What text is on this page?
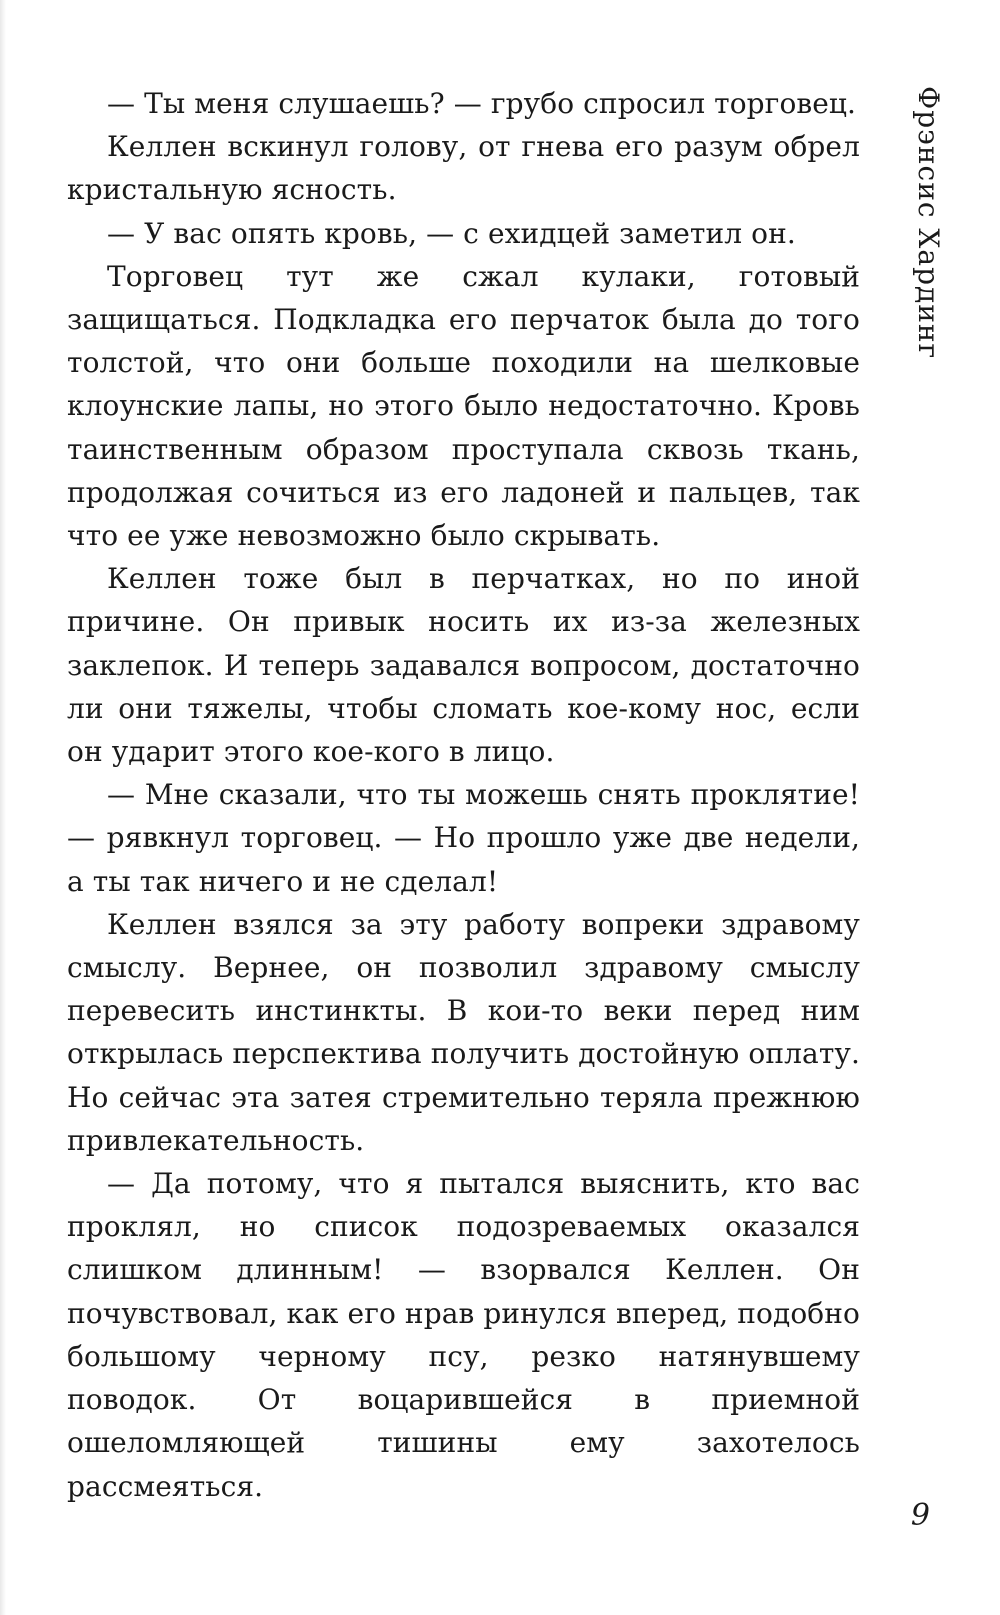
— Ты меня слушаешь? — грубо спросил торговец.

Келлен вскинул голову, от гнева его разум обрел кристальную ясность.

— У вас опять кровь, — с ехидцей заметил он.

Торговец тут же сжал кулаки, готовый защищаться. Подкладка его перчаток была до того толстой, что они больше походили на шелковые клоунские лапы, но этого было недостаточно. Кровь таинственным образом проступала сквозь ткань, продолжая сочиться из его ладоней и пальцев, так что ее уже невозможно было скрывать.

Келлен тоже был в перчатках, но по иной причине. Он привык носить их из-за железных заклепок. И теперь задавался вопросом, достаточно ли они тяжелы, чтобы сломать кое-кому нос, если он ударит этого кое-кого в лицо.

— Мне сказали, что ты можешь снять проклятие! — рявкнул торговец. — Но прошло уже две недели, а ты так ничего и не сделал!

Келлен взялся за эту работу вопреки здравому смыслу. Вернее, он позволил здравому смыслу перевесить инстинкты. В кои-то веки перед ним открылась перспектива получить достойную оплату. Но сейчас эта затея стремительно теряла прежнюю привлекательность.

— Да потому, что я пытался выяснить, кто вас проклял, но список подозреваемых оказался слишком длинным! — взорвался Келлен. Он почувствовал, как его нрав ринулся вперед, подобно большому черному псу, резко натянувшему поводок. От воцарившейся в приемной ошеломляющей тишины ему захотелось рассмеяться.

Фрэнсис Хардинг
9
